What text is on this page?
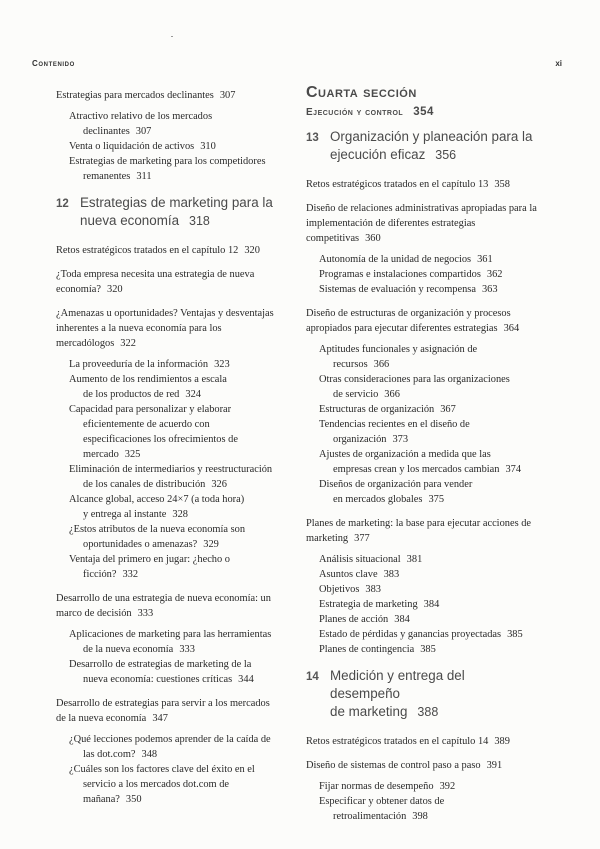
Contenido	xi
Estrategias para mercados declinantes 307
Atractivo relativo de los mercados
declinantes 307
Venta o liquidación de activos 310
Estrategias de marketing para los competidores
remanentes 311
12 Estrategias de marketing para la
nueva economía 318
Retos estratégicos tratados en el capítulo 12 320
¿Toda empresa necesita una estrategia de nueva economía? 320
¿Amenazas u oportunidades? Ventajas y desventajas inherentes a la nueva economía para los mercadólogos 322
La proveeduría de la información 323
Aumento de los rendimientos a escala
de los productos de red 324
Capacidad para personalizar y elaborar
eficientemente de acuerdo con
especificaciones los ofrecimientos de
mercado 325
Eliminación de intermediarios y reestructuración
de los canales de distribución 326
Alcance global, acceso 24×7 (a toda hora)
y entrega al instante 328
¿Estos atributos de la nueva economía son
oportunidades o amenazas? 329
Ventaja del primero en jugar: ¿hecho o
ficción? 332
Desarrollo de una estrategia de nueva economía: un marco de decisión 333
Aplicaciones de marketing para las herramientas
de la nueva economía 333
Desarrollo de estrategias de marketing de la
nueva economía: cuestiones críticas 344
Desarrollo de estrategias para servir a los mercados de la nueva economía 347
¿Qué lecciones podemos aprender de la caída de
las dot.com? 348
¿Cuáles son los factores clave del éxito en el
servicio a los mercados dot.com de
mañana? 350
Cuarta sección
Ejecución y control 354
13 Organización y planeación para la
ejecución eficaz 356
Retos estratégicos tratados en el capítulo 13 358
Diseño de relaciones administrativas apropiadas para la implementación de diferentes estrategias competitivas 360
Autonomía de la unidad de negocios 361
Programas e instalaciones compartidos 362
Sistemas de evaluación y recompensa 363
Diseño de estructuras de organización y procesos apropiados para ejecutar diferentes estrategias 364
Aptitudes funcionales y asignación de
recursos 366
Otras consideraciones para las organizaciones
de servicio 366
Estructuras de organización 367
Tendencias recientes en el diseño de
organización 373
Ajustes de organización a medida que las
empresas crean y los mercados cambian 374
Diseños de organización para vender
en mercados globales 375
Planes de marketing: la base para ejecutar acciones de marketing 377
Análisis situacional 381
Asuntos clave 383
Objetivos 383
Estrategia de marketing 384
Planes de acción 384
Estado de pérdidas y ganancias proyectadas 385
Planes de contingencia 385
14 Medición y entrega del desempeño
de marketing 388
Retos estratégicos tratados en el capítulo 14 389
Diseño de sistemas de control paso a paso 391
Fijar normas de desempeño 392
Especificar y obtener datos de
retroalimentación 398
